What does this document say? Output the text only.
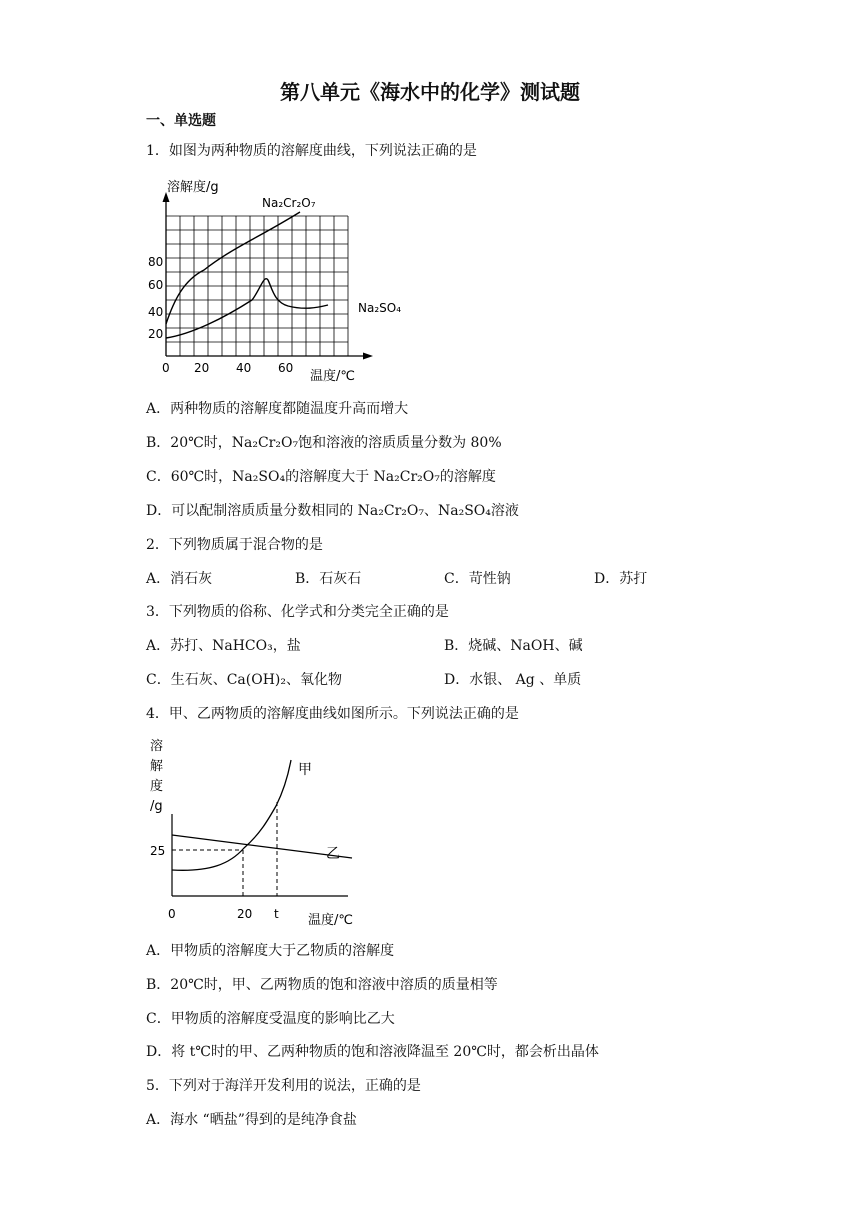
第八单元《海水中的化学》测试题
一、单选题
1．如图为两种物质的溶解度曲线，下列说法正确的是
溶解度/g
Na₂Cr₂O₇
Na₂SO₄
20
40
60
80
0 20 40 60
温度/℃
A．两种物质的溶解度都随温度升高而增大
B．20℃时，Na₂Cr₂O₇饱和溶液的溶质质量分数为 80%
C．60℃时，Na₂SO₄的溶解度大于 Na₂Cr₂O₇的溶解度
D．可以配制溶质质量分数相同的 Na₂Cr₂O₇、Na₂SO₄溶液
2．下列物质属于混合物的是
A．消石灰	B．石灰石	C．苛性钠	D．苏打
3．下列物质的俗称、化学式和分类完全正确的是
A．苏打、NaHCO₃，盐	B．烧碱、NaOH、碱
C．生石灰、Ca(OH)₂、氧化物	D．水银、 Ag 、单质
4．甲、乙两物质的溶解度曲线如图所示。下列说法正确的是
溶
解
度
/g
甲
乙
25
0	20 t 温度/℃
A．甲物质的溶解度大于乙物质的溶解度
B．20℃时，甲、乙两物质的饱和溶液中溶质的质量相等
C．甲物质的溶解度受温度的影响比乙大
D．将 t℃时的甲、乙两种物质的饱和溶液降温至 20℃时，都会析出晶体
5．下列对于海洋开发利用的说法，正确的是
A．海水 “晒盐”得到的是纯净食盐
